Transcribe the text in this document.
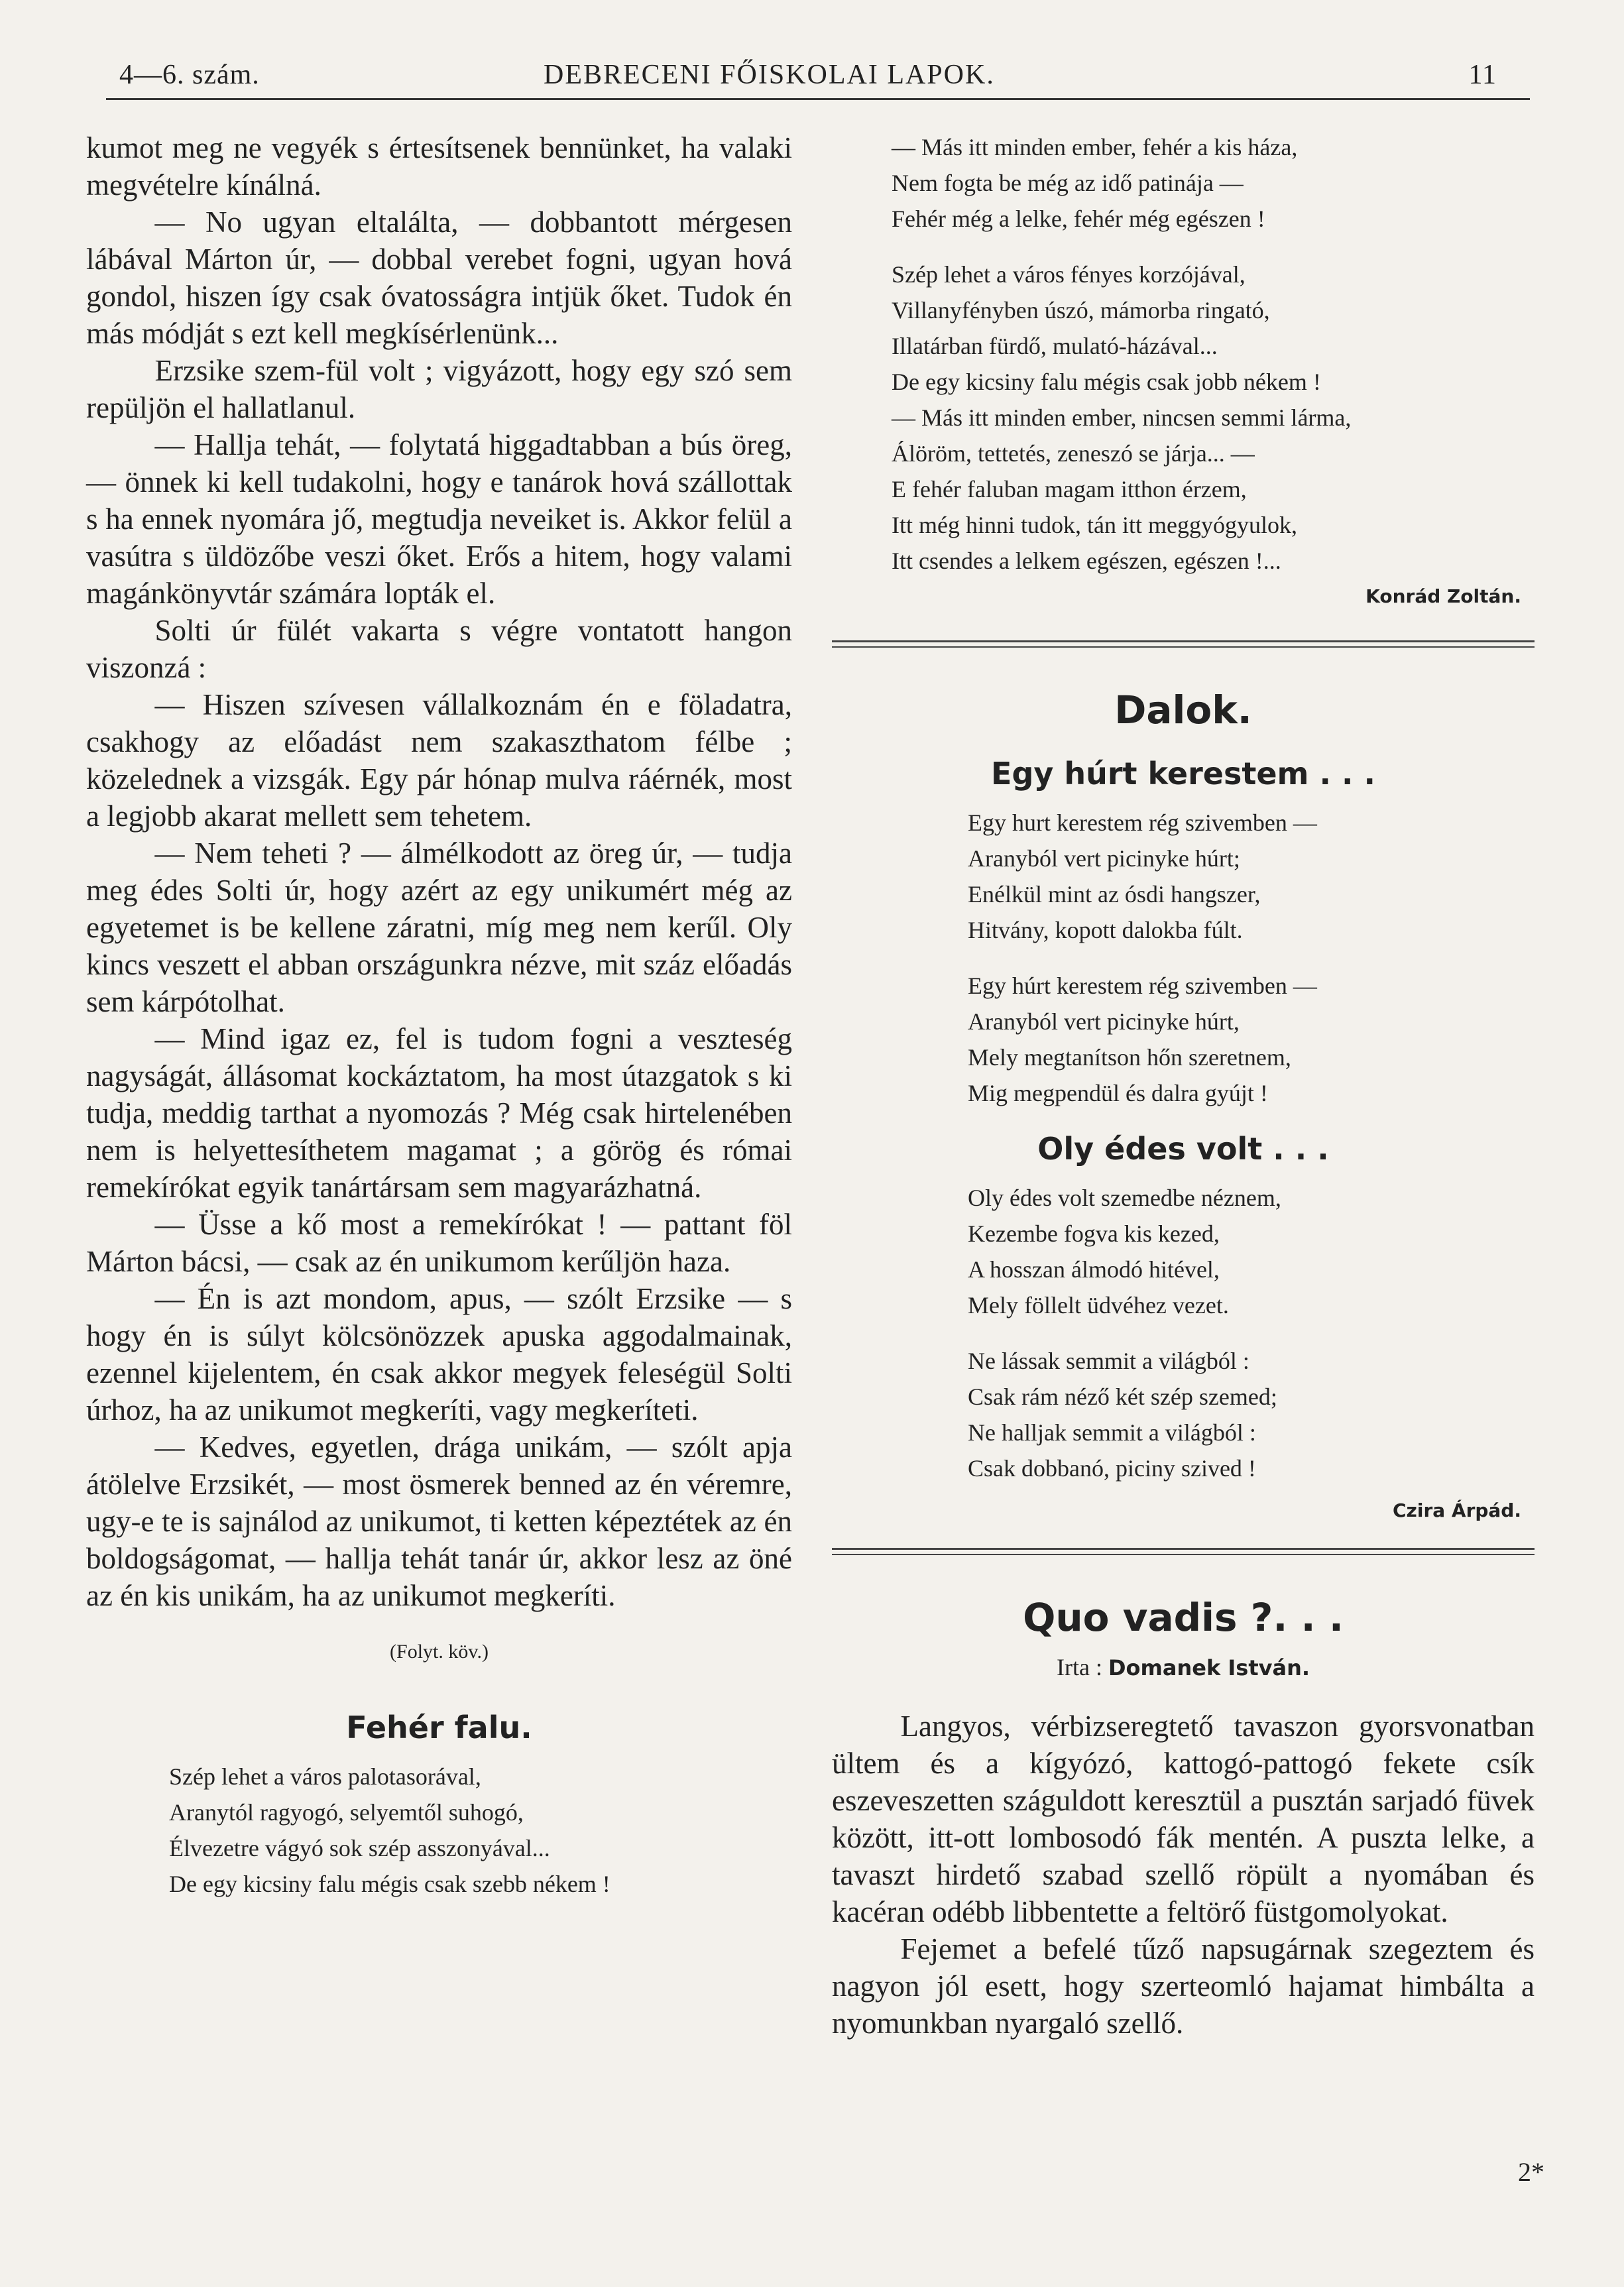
4—6. szám.	DEBRECENI FŐISKOLAI LAPOK.	11

kumot meg ne vegyék s értesítsenek bennünket, ha valaki megvételre kínálná.

— No ugyan eltalálta, — dobbantott mérgesen lábával Márton úr, — dobbal verebet fogni, ugyan hová gondol, hiszen így csak óvatosságra intjük őket. Tudok én más módját s ezt kell megkísérlenünk...

Erzsike szem-fül volt ; vigyázott, hogy egy szó sem repüljön el hallatlanul.

— Hallja tehát, — folytatá higgadtabban a bús öreg, — önnek ki kell tudakolni, hogy e tanárok hová szállottak s ha ennek nyomára jő, megtudja neveiket is. Akkor felül a vasútra s üldözőbe veszi őket. Erős a hitem, hogy valami magánkönyvtár számára lopták el.

Solti úr fülét vakarta s végre vontatott hangon viszonzá :

— Hiszen szívesen vállalkoznám én e föladatra, csakhogy az előadást nem szakaszthatom félbe ; közelednek a vizsgák. Egy pár hónap mulva ráérnék, most a legjobb akarat mellett sem tehetem.

— Nem teheti ? — álmélkodott az öreg úr, — tudja meg édes Solti úr, hogy azért az egy unikumért még az egyetemet is be kellene záratni, míg meg nem kerűl. Oly kincs veszett el abban országunkra nézve, mit száz előadás sem kárpótolhat.

— Mind igaz ez, fel is tudom fogni a veszteség nagyságát, állásomat kockáztatom, ha most útazgatok s ki tudja, meddig tarthat a nyomozás ? Még csak hirtelenében nem is helyettesíthetem magamat ; a görög és római remekírókat egyik tanártársam sem magyarázhatná.

— Üsse a kő most a remekírókat ! — pattant föl Márton bácsi, — csak az én unikumom kerűljön haza.

— Én is azt mondom, apus, — szólt Erzsike — s hogy én is súlyt kölcsönözzek apuska aggodalmainak, ezennel kijelentem, én csak akkor megyek feleségül Solti úrhoz, ha az unikumot megkeríti, vagy megkeríteti.

— Kedves, egyetlen, drága unikám, — szólt apja átölelve Erzsikét, — most ösmerek benned az én véremre, ugy-e te is sajnálod az unikumot, ti ketten képeztétek az én boldogságomat, — hallja tehát tanár úr, akkor lesz az öné az én kis unikám, ha az unikumot megkeríti.

(Folyt. köv.)
Fehér falu.
Szép lehet a város palotasorával,
Aranytól ragyogó, selyemtől suhogó,
Élvezetre vágyó sok szép asszonyával...
De egy kicsiny falu mégis csak szebb nékem !
— Más itt minden ember, fehér a kis háza,
Nem fogta be még az idő patinája —
Fehér még a lelke, fehér még egészen !
Szép lehet a város fényes korzójával,
Villanyfényben úszó, mámorba ringató,
Illatárban fürdő, mulató-házával...
De egy kicsiny falu mégis csak jobb nékem !
— Más itt minden ember, nincsen semmi lárma,
Álöröm, tettetés, zeneszó se járja... —
E fehér faluban magam itthon érzem,
Itt még hinni tudok, tán itt meggyógyulok,
Itt csendes a lelkem egészen, egészen !...
Konrád Zoltán.
Dalok.
Egy húrt kerestem . . .
Egy hurt kerestem rég szivemben —
Aranyból vert picinyke húrt;
Enélkül mint az ósdi hangszer,
Hitvány, kopott dalokba fúlt.
Egy húrt kerestem rég szivemben —
Aranyból vert picinyke húrt,
Mely megtanítson hőn szeretnem,
Mig megpendül és dalra gyújt !
Oly édes volt . . .
Oly édes volt szemedbe néznem,
Kezembe fogva kis kezed,
A hosszan álmodó hitével,
Mely föllelt üdvéhez vezet.
Ne lássak semmit a világból :
Csak rám néző két szép szemed;
Ne halljak semmit a világból :
Csak dobbanó, piciny szived !
Czira Árpád.
Quo vadis ?. . .
Irta : Domanek István.

Langyos, vérbizseregtető tavaszon gyorsvonatban ültem és a kígyózó, kattogó-pattogó fekete csík eszeveszetten száguldott keresztül a pusztán sarjadó füvek között, itt-ott lombosodó fák mentén. A puszta lelke, a tavaszt hirdető szabad szellő röpült a nyomában és kacéran odébb libbentette a feltörő füstgomolyokat.

Fejemet a befelé tűző napsugárnak szegeztem és nagyon jól esett, hogy szerteomló hajamat himbálta a nyomunkban nyargaló szellő.

2*
